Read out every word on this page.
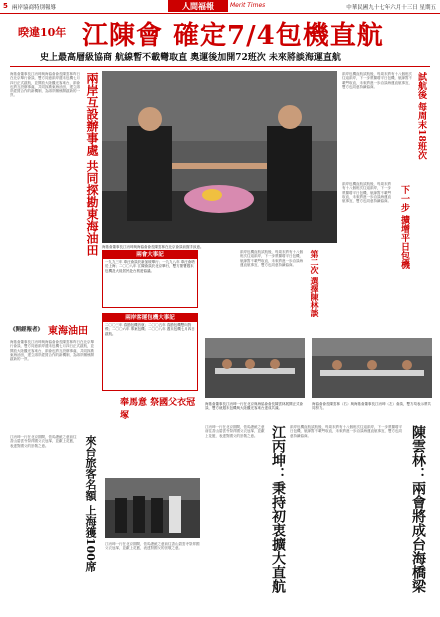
5 兩岸協商特別報導	人間福報	Merit Times	中華民國九十七年六月十三日 星期五
暌違10年 江陳會 確定7/4包機直航
史上最高層級協商 航線暫不載彎取直 奧運後加開72班次 未來將談海運直航
兩岸互設辦事處 共同探勘東海油田
海基會董事長江丙坤與海協會會長陳雲林昨日在北京舉行會談，雙方同意兩岸週末包機七月四日正式啟航，並開放大陸觀光客來台，兩會也將互設辦事處，共同探勘東海油田，建立兩岸經貿合作的新機制，為兩岸關係開啟新的一頁。
《開經報者》 東海油田
海基會董事長江丙坤與海協會會長陳雲林昨日在北京舉行會談，雙方同意兩岸週末包機七月四日正式啟航，並開放大陸觀光客來台，兩會也將互設辦事處，共同探勘東海油田，建立兩岸經貿合作的新機制，為兩岸關係開啟新的一頁。
海基會董事長江丙坤與海協會會長陳雲林在北京會談前握手致意。
兩岸包機直航試航後，每周末將有十八個班次往返兩岸，下一步將擴增平日包機，航線暫不載彎取直，未來將進一步洽談海運直航事宜，雙方也同意持續協商。	試航後 每周末18班次
下一步 擴增平日包機
兩岸包機直航試航後，每周末將有十八個班次往返兩岸，下一步將擴增平日包機，航線暫不載彎取直，未來將進一步洽談海運直航事宜，雙方也同意持續協商。
第二次 選擇陳林談
兩岸包機直航試航後，每周末將有十八個班次往返兩岸，下一步將擴增平日包機，航線暫不載彎取直，未來將進一步洽談海運直航事宜，雙方也同意持續協商。
兩會大事記
一九九三年 辜汪會談於新加坡舉行；一九九八年 辜汪會晤於上海；二〇〇八年 江陳會談於北京舉行，雙方簽署週末包機及大陸居民赴台旅遊協議。
兩岸客運包機大事記
二〇〇三年 春節包機首航；二〇〇五年 春節包機雙向對飛；二〇〇六年 專案包機；二〇〇八年 週末包機七月四日啟航。
海基會董事長江丙坤一行在北京與海協會會長陳雲林展開正式會談，雙方就週末包機與大陸觀光客來台達成共識。
海協會會長陳雲林（右）與海基會董事長江丙坤（左）會談，雙方均表示將共同努力。
陳雲林：兩會將成台海橋梁
江丙坤：秉持初衷擴大直航	兩岸包機直航試航後，每周末將有十八個班次往返兩岸，下一步將擴增平日包機，航線暫不載彎取直，未來將進一步洽談海運直航事宜，雙方也同意持續協商。
江丙坤一行在北京期間，依馬總統之意前往香山碧雲寺祭拜國父衣冠塚，並獻上花籃，表達對國父的崇敬之意。
奉馬意 祭國父衣冠塚
來台旅客名額 上海獲100席
江丙坤一行在北京期間，依馬總統之意前往香山碧雲寺祭拜國父衣冠塚，並獻上花籃，表達對國父的崇敬之意。
江丙坤一行在北京期間，依馬總統之意前往香山碧雲寺祭拜國父衣冠塚，並獻上花籃，表達對國父的崇敬之意。
